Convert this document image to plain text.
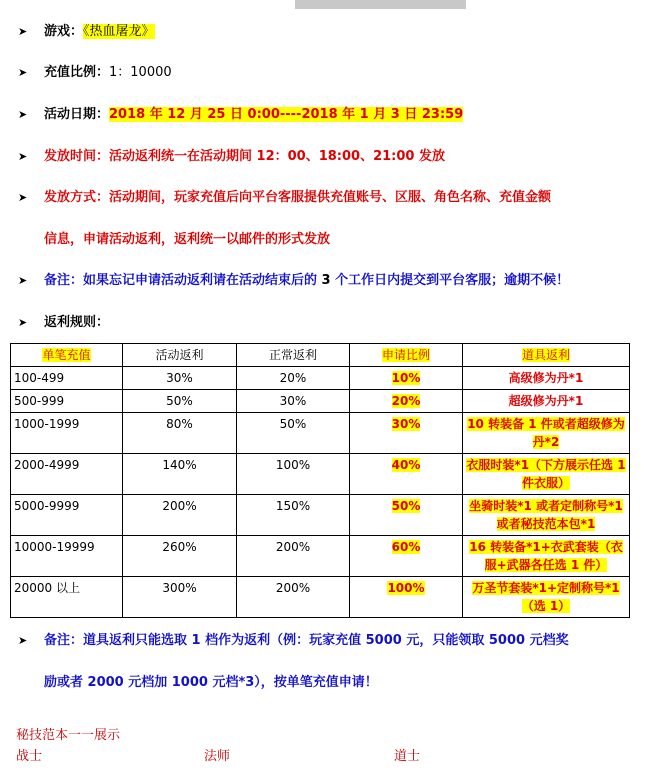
➤ 游戏：《热血屠龙》
➤ 充值比例：1：10000
➤ 活动日期：2018 年 12 月 25 日 0:00----2018 年 1 月 3 日 23:59
➤ 发放时间：活动返利统一在活动期间 12：00、18:00、21:00 发放
➤ 发放方式：活动期间，玩家充值后向平台客服提供充值账号、区服、角色名称、充值金额
信息，申请活动返利，返利统一以邮件的形式发放
➤ 备注：如果忘记申请活动返利请在活动结束后的 3 个工作日内提交到平台客服；逾期不候！
➤ 返利规则：
单笔充值	活动返利	正常返利	申请比例	道具返利
100-499	30%	20%	10%	高级修为丹*1
500-999	50%	30%	20%	超级修为丹*1
1000-1999	80%	50%	30%	10 转装备 1 件或者超级修为丹*2
2000-4999	140%	100%	40%	衣服时装*1（下方展示任选 1 件衣服）
5000-9999	200%	150%	50%	坐骑时装*1 或者定制称号*1 或者秘技范本包*1
10000-19999	260%	200%	60%	16 转装备*1+衣武套装（衣服+武器各任选 1 件）
20000 以上	300%	200%	100%	万圣节套装*1+定制称号*1（选 1）
➤ 备注：道具返利只能选取 1 档作为返利（例：玩家充值 5000 元，只能领取 5000 元档奖
励或者 2000 元档加 1000 元档*3），按单笔充值申请！
秘技范本一一展示
战士	法师	道士
